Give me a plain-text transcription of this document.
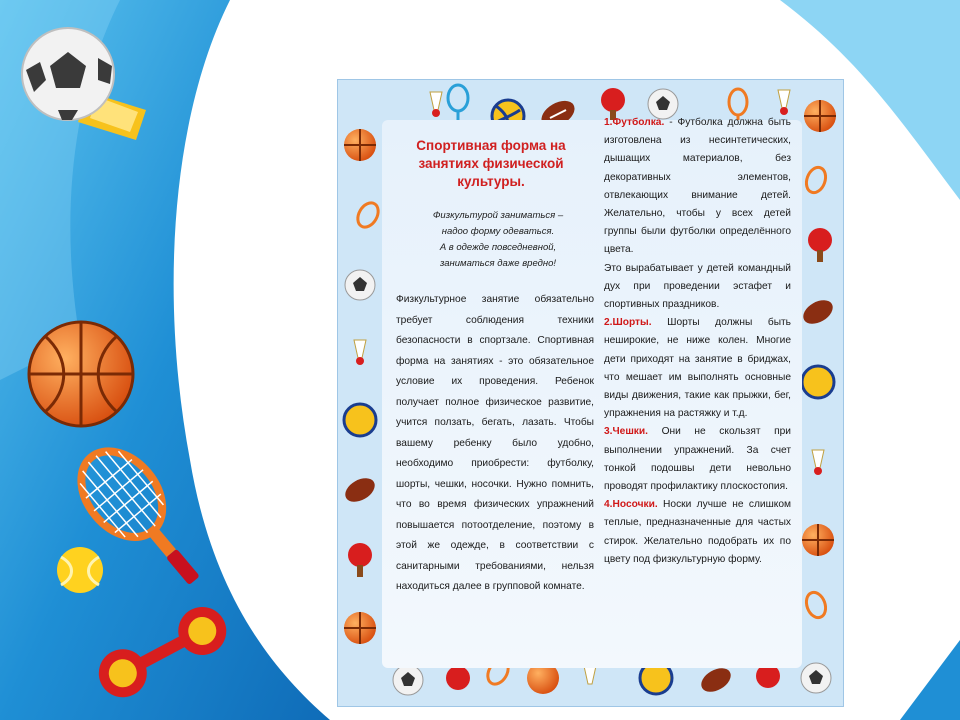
Спортивная форма на занятиях физической культуры.
Физкультурой заниматься –
надоо форму одеваться.
А в одежде повседневной,
заниматься даже вредно!
Физкультурное занятие обязательно требует соблюдения техники безопасности в спортзале. Спортивная форма на занятиях - это обязательное условие их проведения. Ребенок получает полное физическое развитие, учится ползать, бегать, лазать. Чтобы вашему ребенку было удобно, необходимо приобрести: футболку, шорты, чешки, носочки. Нужно помнить, что во время физических упражнений повышается потоотделение, поэтому в этой же одежде, в соответствии с санитарными требованиями, нельзя находиться далее в групповой комнате.

1.Футболка. - Футболка должна быть изготовлена из несинтетических, дышащих материалов, без декоративных элементов, отвлекающих внимание детей. Желательно, чтобы у всех детей группы были футболки определённого цвета.

Это вырабатывает у детей командный дух при проведении эстафет и спортивных праздников.

2.Шорты. Шорты должны быть неширокие, не ниже колен. Многие дети приходят на занятие в бриджах, что мешает им выполнять основные виды движения, такие как прыжки, бег, упражнения на растяжку и т.д.

3.Чешки. Они не скользят при выполнении упражнений. За счет тонкой подошвы дети невольно проводят профилактику плоскостопия.

4.Носочки. Носки лучше не слишком теплые, предназначенные для частых стирок. Желательно подобрать их по цвету под физкультурную форму.
